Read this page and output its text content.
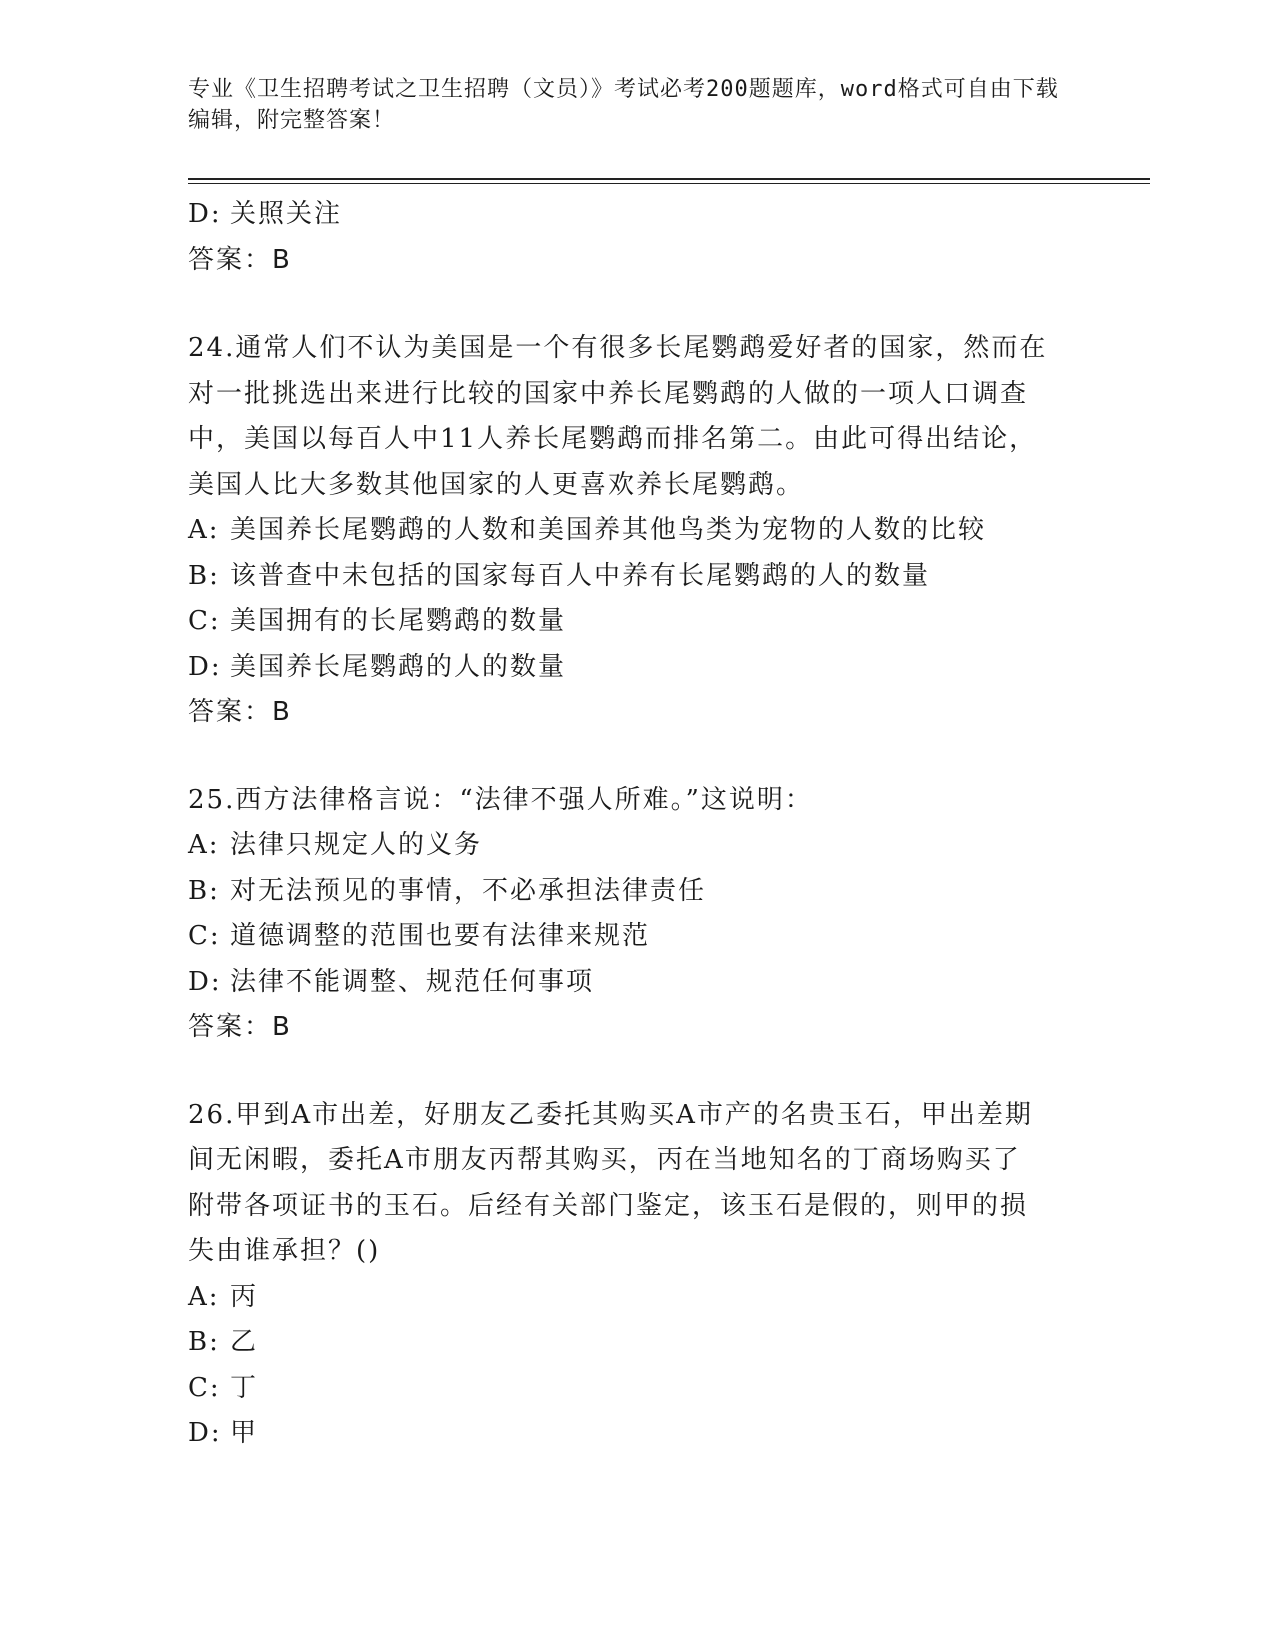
专业《卫生招聘考试之卫生招聘（文员）》考试必考200题题库，word格式可自由下载编辑，附完整答案！
D: 关照关注
答案：B
24.通常人们不认为美国是一个有很多长尾鹦鹉爱好者的国家，然而在
对一批挑选出来进行比较的国家中养长尾鹦鹉的人做的一项人口调查
中，美国以每百人中11人养长尾鹦鹉而排名第二。由此可得出结论，
美国人比大多数其他国家的人更喜欢养长尾鹦鹉。
A: 美国养长尾鹦鹉的人数和美国养其他鸟类为宠物的人数的比较
B: 该普查中未包括的国家每百人中养有长尾鹦鹉的人的数量
C: 美国拥有的长尾鹦鹉的数量
D: 美国养长尾鹦鹉的人的数量
答案：B
25.西方法律格言说：“法律不强人所难。”这说明：
A: 法律只规定人的义务
B: 对无法预见的事情，不必承担法律责任
C: 道德调整的范围也要有法律来规范
D: 法律不能调整、规范任何事项
答案：B
26.甲到A市出差，好朋友乙委托其购买A市产的名贵玉石，甲出差期
间无闲暇，委托A市朋友丙帮其购买，丙在当地知名的丁商场购买了
附带各项证书的玉石。后经有关部门鉴定，该玉石是假的，则甲的损
失由谁承担？()
A: 丙
B: 乙
C: 丁
D: 甲
